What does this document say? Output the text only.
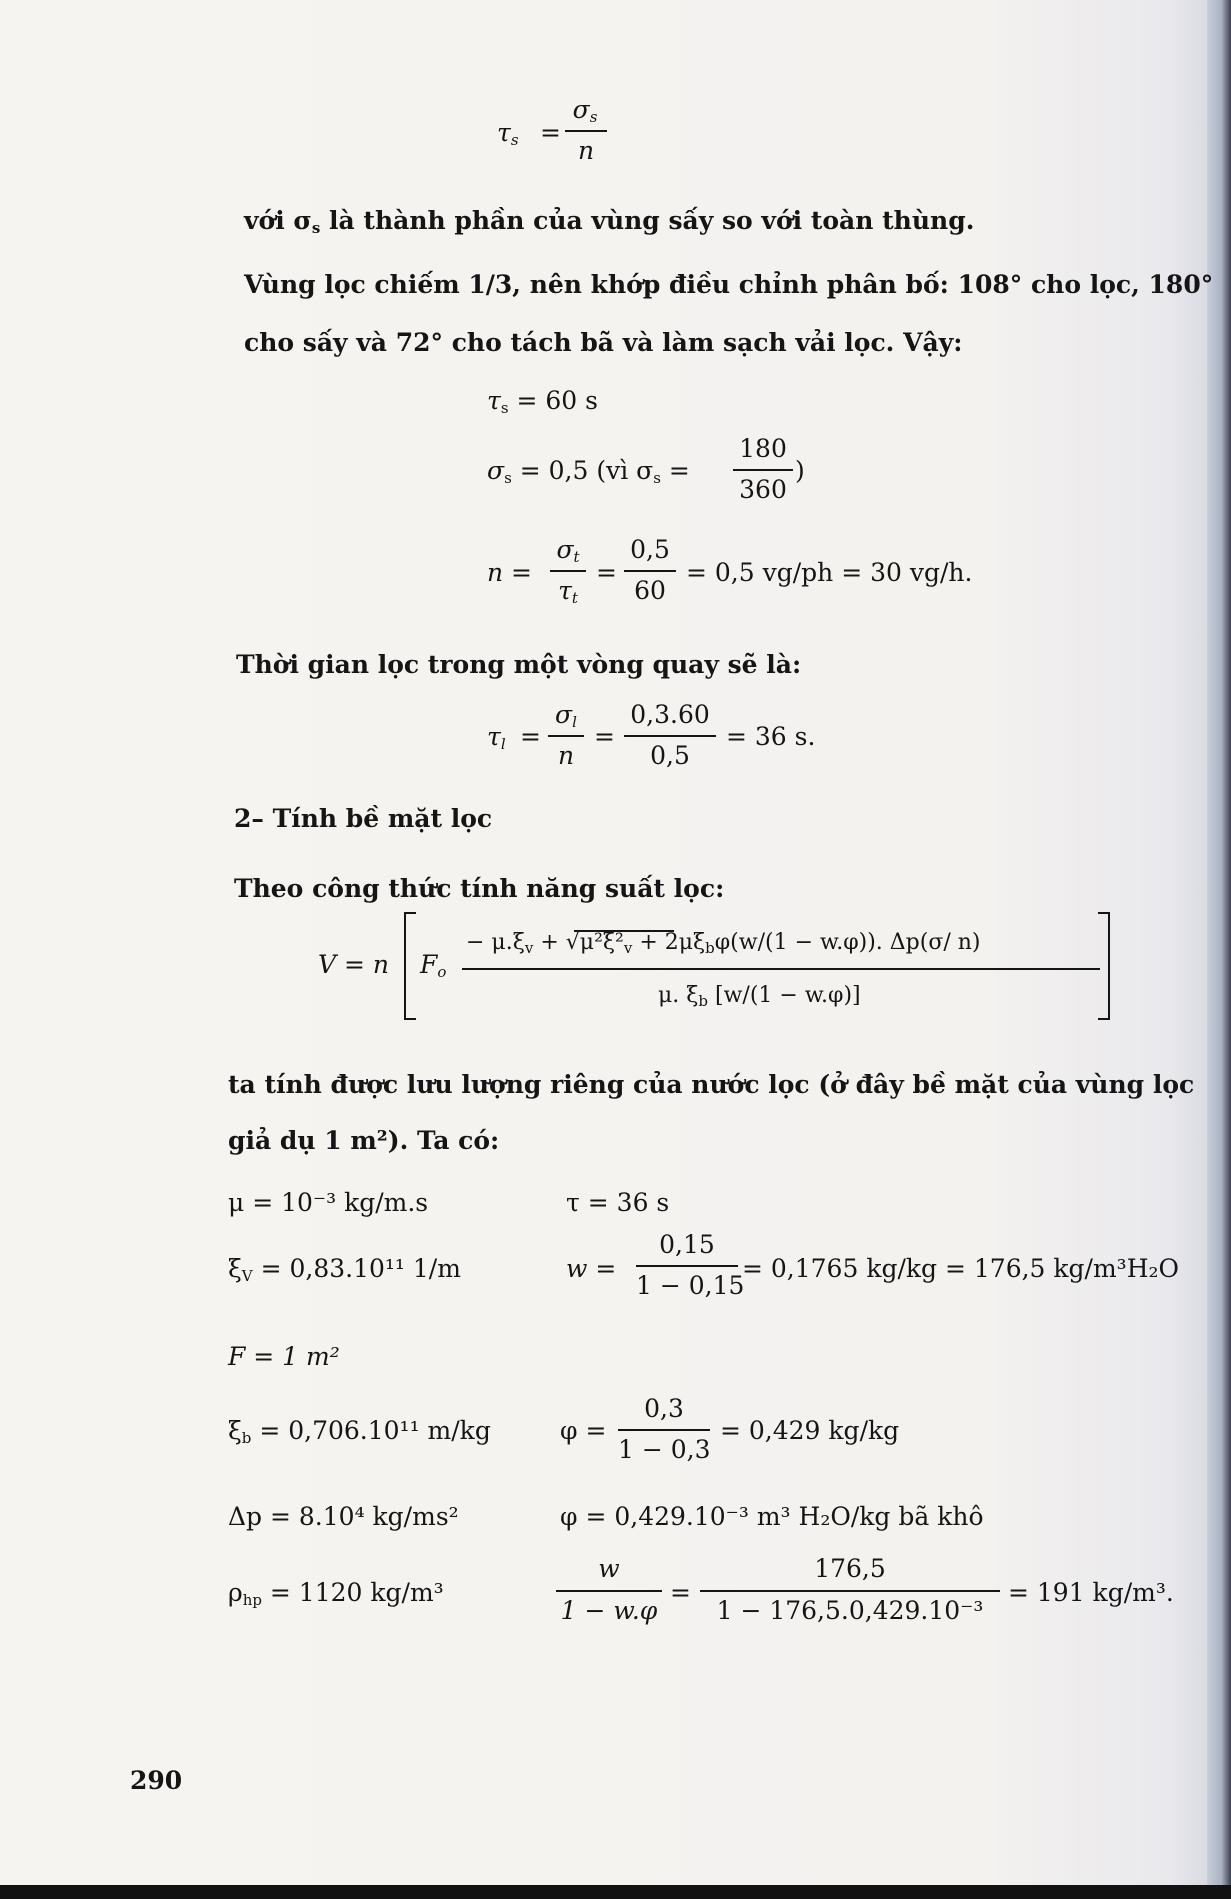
$\tau_s$ =
$\sigma_s$
n
với $\sigma_s$ là thành phần của vùng sấy so với toàn thùng.
Vùng lọc chiếm 1/3, nên khớp điều chỉnh phân bố: 108° cho lọc, 180°
cho sấy và 72° cho tách bã và làm sạch vải lọc. Vậy:
$\tau_s = 60$ s
$\sigma_s = 0,5$ (vì $\sigma_s$ =
180
360
)
n =
$\sigma_t$
$\tau_t$
=
0,5
60
= 0,5 vg/ph = 30 vg/h.
Thời gian lọc trong một vòng quay sẽ là:
$\tau_l$ =
$\sigma_l$
n
=
0,3.60
0,5
= 36 s.
2– Tính bề mặt lọc
Theo công thức tính năng suất lọc:
V = n $F_o$
− $\mu.\xi_v + √\mu^2\xi^2_v + 2\mu\xi_b\varphi(w/(1 - w.\varphi))$. Δp(σ/ n)
μ. $\xi_b$ [w/(1 − w.φ)]
ta tính được lưu lượng riêng của nước lọc (ở đây bề mặt của vùng lọc
giả dụ 1 m²). Ta có:
μ = 10⁻³ kg/m.s	τ = 36 s
$\xi_V = 0,83.10^{11}$ 1/m	w =
0,15
1 − 0,15
= 0,1765 kg/kg = 176,5 kg/m³H₂O
F = 1 m²
$\xi_b = 0,706.10^{11}$ m/kg	φ =
0,3
1 − 0,3
= 0,429 kg/kg
Δp = 8.10⁴ kg/ms²	φ = 0,429.10⁻³ m³ H₂O/kg bã khô
$\rho_{hp} = 1120$ kg/m³
w
1 − w.φ
=
176,5
1 − 176,5.0,429.10⁻³
= 191 kg/m³.
290
